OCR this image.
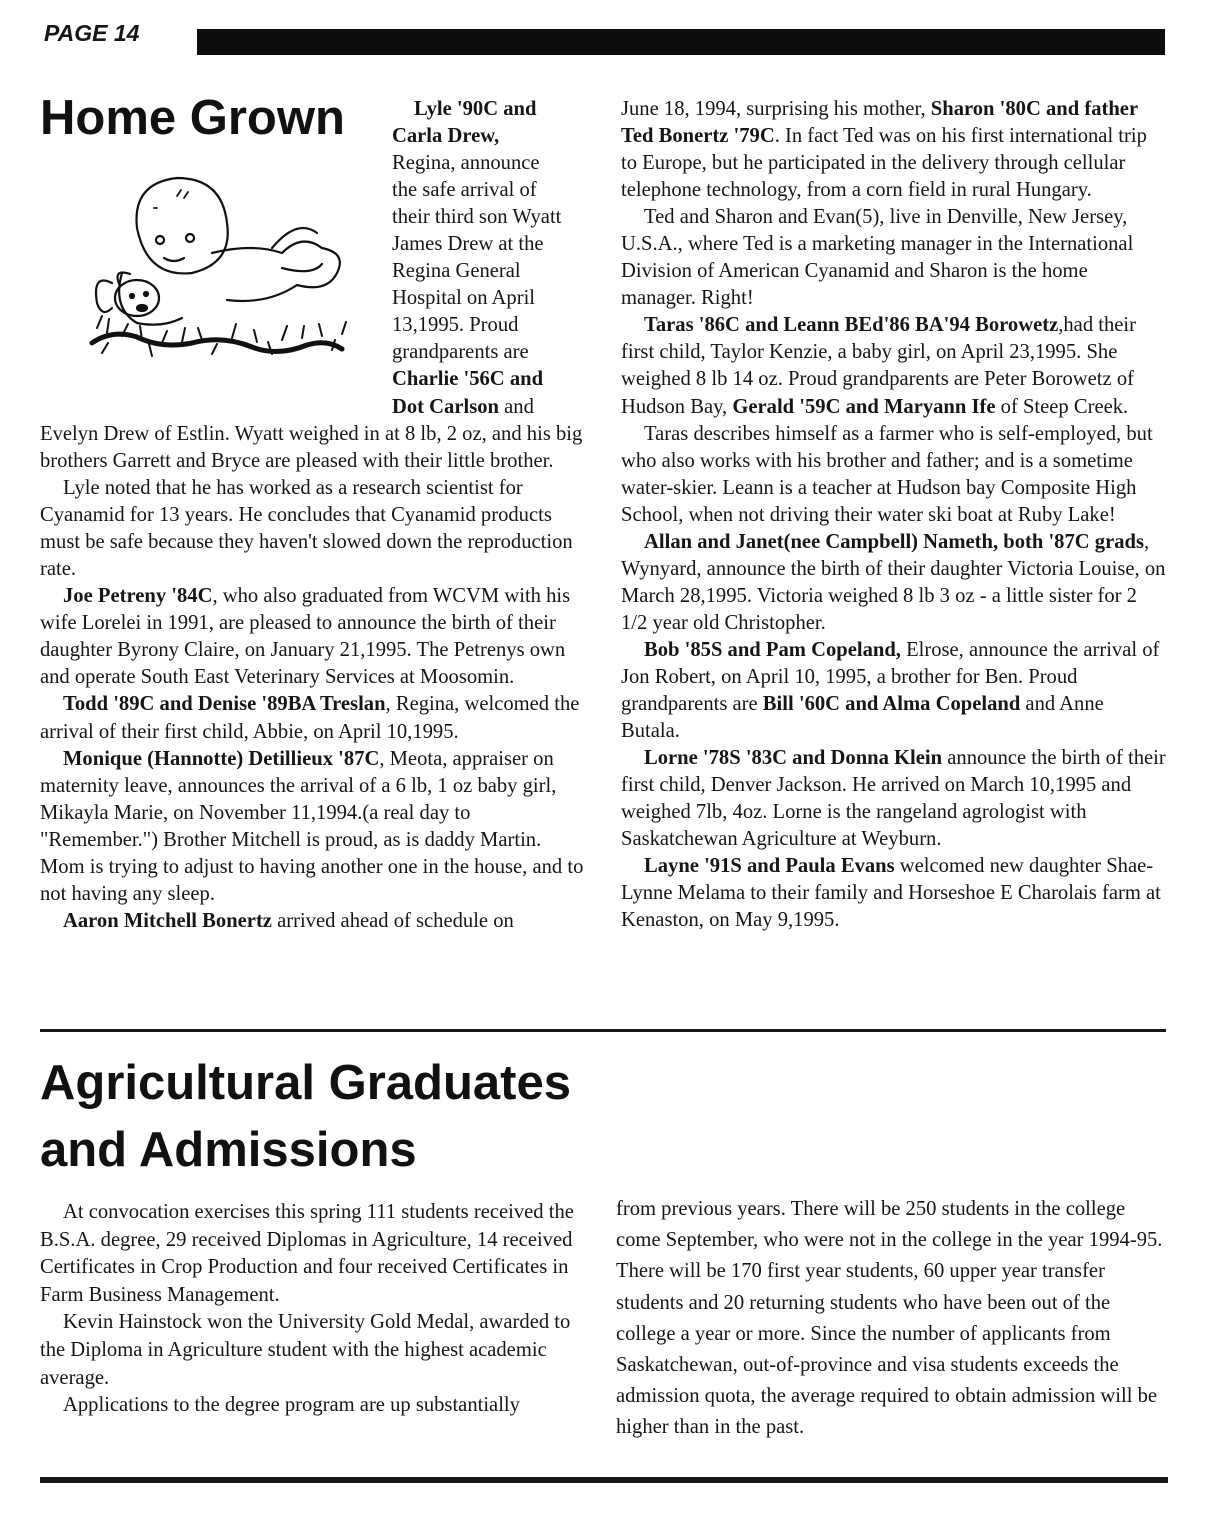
PAGE 14
Home Grown	Lyle '90C and
Carla Drew,
Regina, announce
the safe arrival of
their third son Wyatt
James Drew at the
Regina General
Hospital on April
13,1995. Proud
grandparents are
Charlie '56C and
Dot Carlson and

Evelyn Drew of Estlin. Wyatt weighed in at 8 lb, 2 oz, and his big brothers Garrett and Bryce are pleased with their little brother.

Lyle noted that he has worked as a research scientist for Cyanamid for 13 years. He concludes that Cyanamid products must be safe because they haven't slowed down the reproduction rate.

Joe Petreny '84C, who also graduated from WCVM with his wife Lorelei in 1991, are pleased to announce the birth of their daughter Byrony Claire, on January 21,1995. The Petrenys own and operate South East Veterinary Services at Moosomin.

Todd '89C and Denise '89BA Treslan, Regina, welcomed the arrival of their first child, Abbie, on April 10,1995.

Monique (Hannotte) Detillieux '87C, Meota, appraiser on maternity leave, announces the arrival of a 6 lb, 1 oz baby girl, Mikayla Marie, on November 11,1994.(a real day to "Remember.") Brother Mitchell is proud, as is daddy Martin. Mom is trying to adjust to having another one in the house, and to not having any sleep.

Aaron Mitchell Bonertz arrived ahead of schedule on

June 18, 1994, surprising his mother, Sharon '80C and father Ted Bonertz '79C. In fact Ted was on his first international trip to Europe, but he participated in the delivery through cellular telephone technology, from a corn field in rural Hungary.

Ted and Sharon and Evan(5), live in Denville, New Jersey, U.S.A., where Ted is a marketing manager in the International Division of American Cyanamid and Sharon is the home manager. Right!

Taras '86C and Leann BEd'86 BA'94 Borowetz,had their first child, Taylor Kenzie, a baby girl, on April 23,1995. She weighed 8 lb 14 oz. Proud grandparents are Peter Borowetz of Hudson Bay, Gerald '59C and Maryann Ife of Steep Creek.

Taras describes himself as a farmer who is self-employed, but who also works with his brother and father; and is a sometime water-skier. Leann is a teacher at Hudson bay Composite High School, when not driving their water ski boat at Ruby Lake!

Allan and Janet(nee Campbell) Nameth, both '87C grads, Wynyard, announce the birth of their daughter Victoria Louise, on March 28,1995. Victoria weighed 8 lb 3 oz - a little sister for 2 1/2 year old Christopher.

Bob '85S and Pam Copeland, Elrose, announce the arrival of Jon Robert, on April 10, 1995, a brother for Ben. Proud grandparents are Bill '60C and Alma Copeland and Anne Butala.

Lorne '78S '83C and Donna Klein announce the birth of their first child, Denver Jackson. He arrived on March 10,1995 and weighed 7lb, 4oz. Lorne is the rangeland agrologist with Saskatchewan Agriculture at Weyburn.

Layne '91S and Paula Evans welcomed new daughter Shae-Lynne Melama to their family and Horseshoe E Charolais farm at Kenaston, on May 9,1995.

Agricultural Graduates
and Admissions

At convocation exercises this spring 111 students received the B.S.A. degree, 29 received Diplomas in Agriculture, 14 received Certificates in Crop Production and four received Certificates in Farm Business Management.

Kevin Hainstock won the University Gold Medal, awarded to the Diploma in Agriculture student with the highest academic average.

Applications to the degree program are up substantially

from previous years. There will be 250 students in the college come September, who were not in the college in the year 1994-95. There will be 170 first year students, 60 upper year transfer students and 20 returning students who have been out of the college a year or more. Since the number of applicants from Saskatchewan, out-of-province and visa students exceeds the admission quota, the average required to obtain admission will be higher than in the past.
